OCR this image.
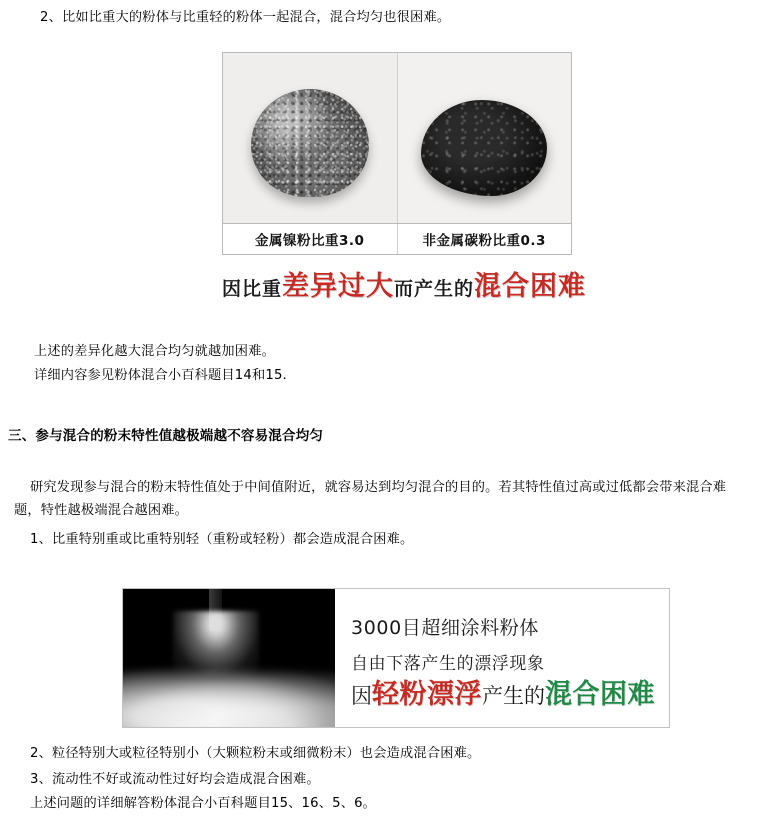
2、比如比重大的粉体与比重轻的粉体一起混合，混合均匀也很困难。
金属镍粉比重3.0	非金属碳粉比重0.3
因比重差异过大而产生的混合困难
上述的差异化越大混合均匀就越加困难。
详细内容参见粉体混合小百科题目14和15.
三、参与混合的粉末特性值越极端越不容易混合均匀
研究发现参与混合的粉末特性值处于中间值附近，就容易达到均匀混合的目的。若其特性值过高或过低都会带来混合难
题，特性越极端混合越困难。
1、比重特别重或比重特别轻（重粉或轻粉）都会造成混合困难。
3000目超细涂料粉体
自由下落产生的漂浮现象
因轻粉漂浮产生的混合困难
2、粒径特别大或粒径特别小（大颗粒粉末或细微粉末）也会造成混合困难。
3、流动性不好或流动性过好均会造成混合困难。
上述问题的详细解答粉体混合小百科题目15、16、5、6。
